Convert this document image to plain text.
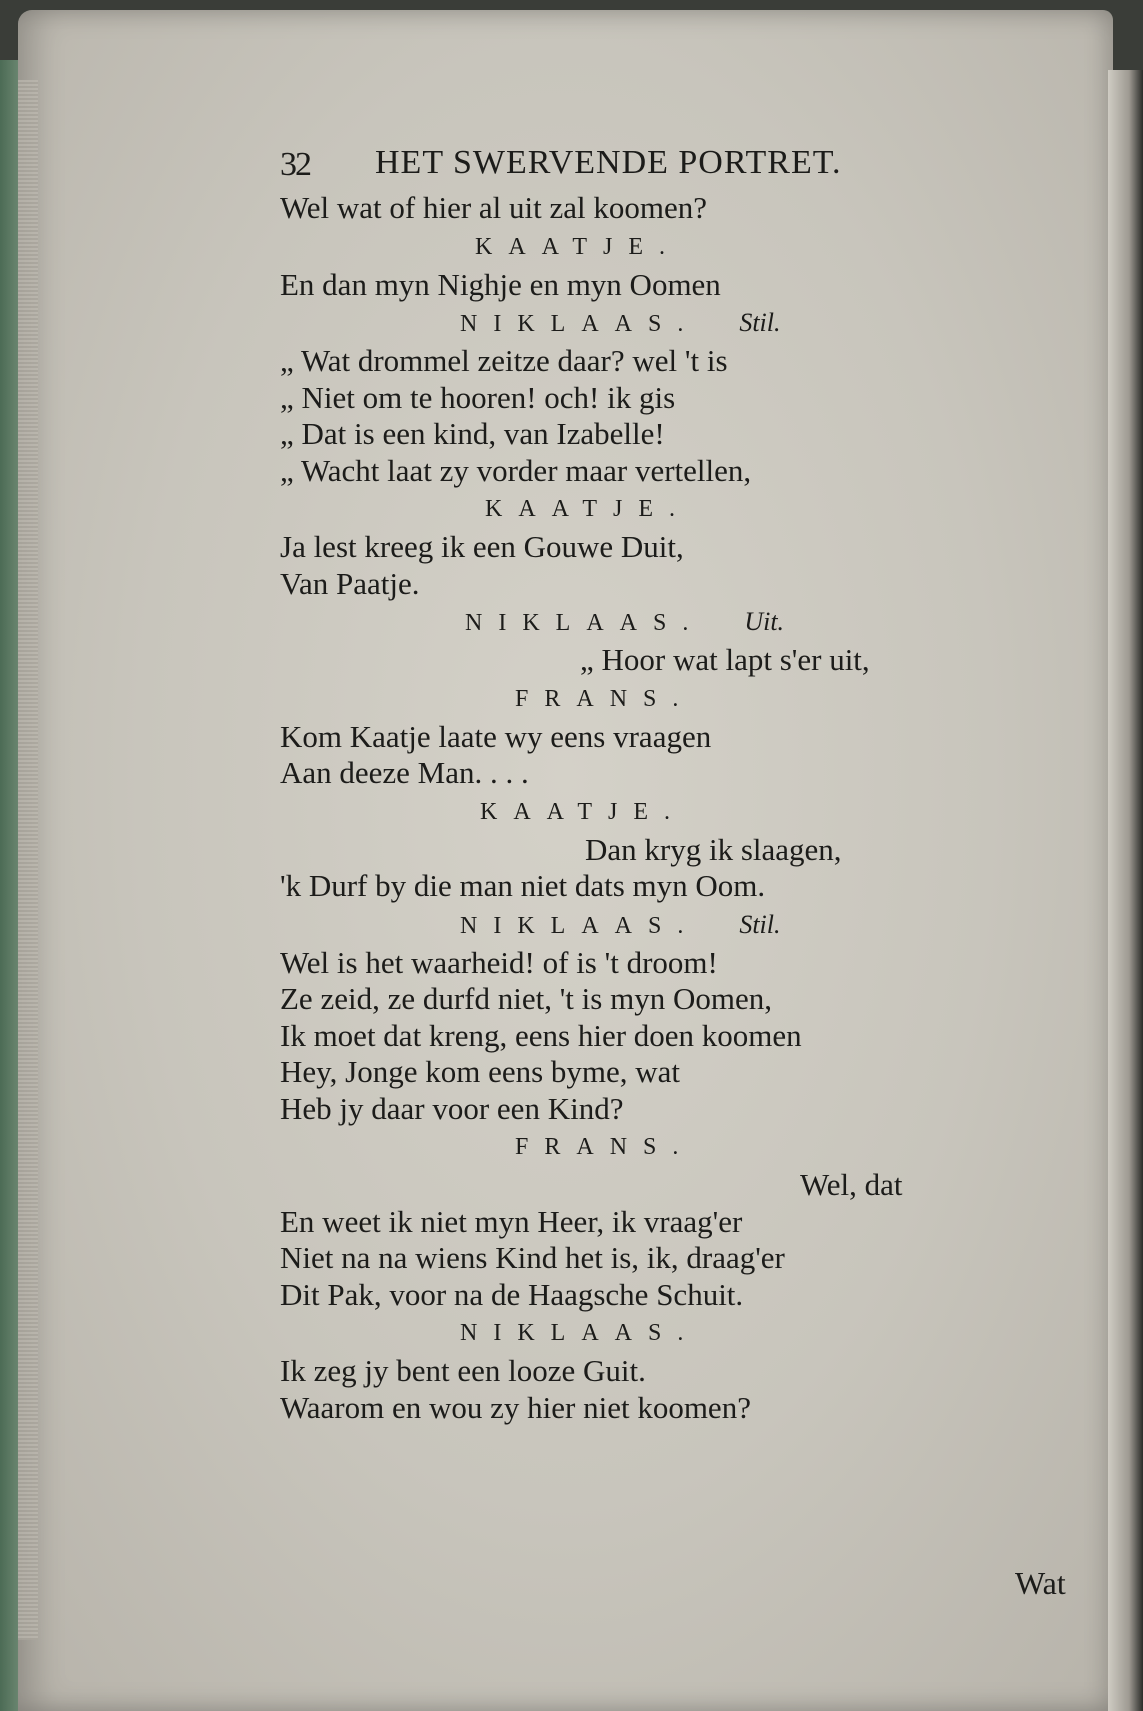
32 HET SWERVENDE PORTRET.
Wel wat of hier al uit zal koomen?
KAATJE.
En dan myn Nighje en myn Oomen
NIKLAAS. Stil.
„ Wat drommel zeitze daar? wel 't is
„ Niet om te hooren! och! ik gis
„ Dat is een kind, van Izabelle!
„ Wacht laat zy vorder maar vertellen,
KAATJE.
Ja lest kreeg ik een Gouwe Duit,
Van Paatje.
NIKLAAS. Uit.
„ Hoor wat lapt s'er uit,
FRANS.
Kom Kaatje laate wy eens vraagen
Aan deeze Man. . . .
KAATJE.
Dan kryg ik slaagen,
'k Durf by die man niet dats myn Oom.
NIKLAAS. Stil.
Wel is het waarheid! of is 't droom!
Ze zeid, ze durfd niet, 't is myn Oomen,
Ik moet dat kreng, eens hier doen koomen
Hey, Jonge kom eens byme, wat
Heb jy daar voor een Kind?
FRANS.
Wel, dat
En weet ik niet myn Heer, ik vraag'er
Niet na na wiens Kind het is, ik, draag'er
Dit Pak, voor na de Haagsche Schuit.
NIKLAAS.
Ik zeg jy bent een looze Guit.
Waarom en wou zy hier niet koomen?
Wat
